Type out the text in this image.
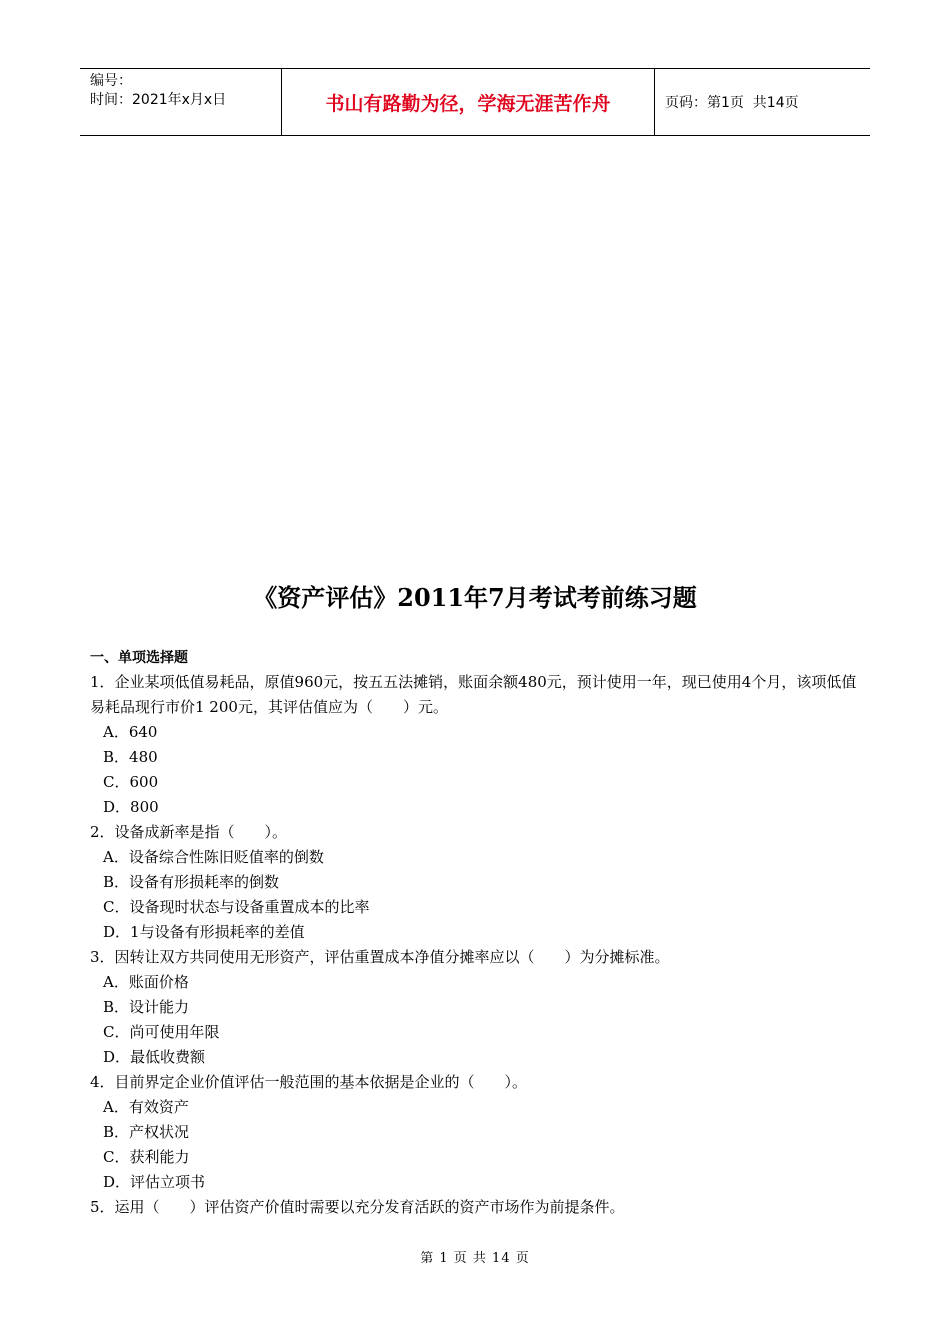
编号：
时间：2021年x月x日	书山有路勤为径，学海无涯苦作舟	页码：第1页  共14页
《资产评估》2011年7月考试考前练习题
一、单项选择题
1．企业某项低值易耗品，原值960元，按五五法摊销，账面余额480元，预计使用一年，现已使用4个月，该项低值易耗品现行市价1 200元，其评估值应为（　　）元。
A．640
B．480
C．600
D．800
2．设备成新率是指（　　）。
A．设备综合性陈旧贬值率的倒数
B．设备有形损耗率的倒数
C．设备现时状态与设备重置成本的比率
D．1与设备有形损耗率的差值
3．因转让双方共同使用无形资产，评估重置成本净值分摊率应以（　　）为分摊标准。
A．账面价格
B．设计能力
C．尚可使用年限
D．最低收费额
4．目前界定企业价值评估一般范围的基本依据是企业的（　　）。
A．有效资产
B．产权状况
C．获利能力
D．评估立项书
5．运用（　　）评估资产价值时需要以充分发育活跃的资产市场作为前提条件。
第 1 页 共 14 页
